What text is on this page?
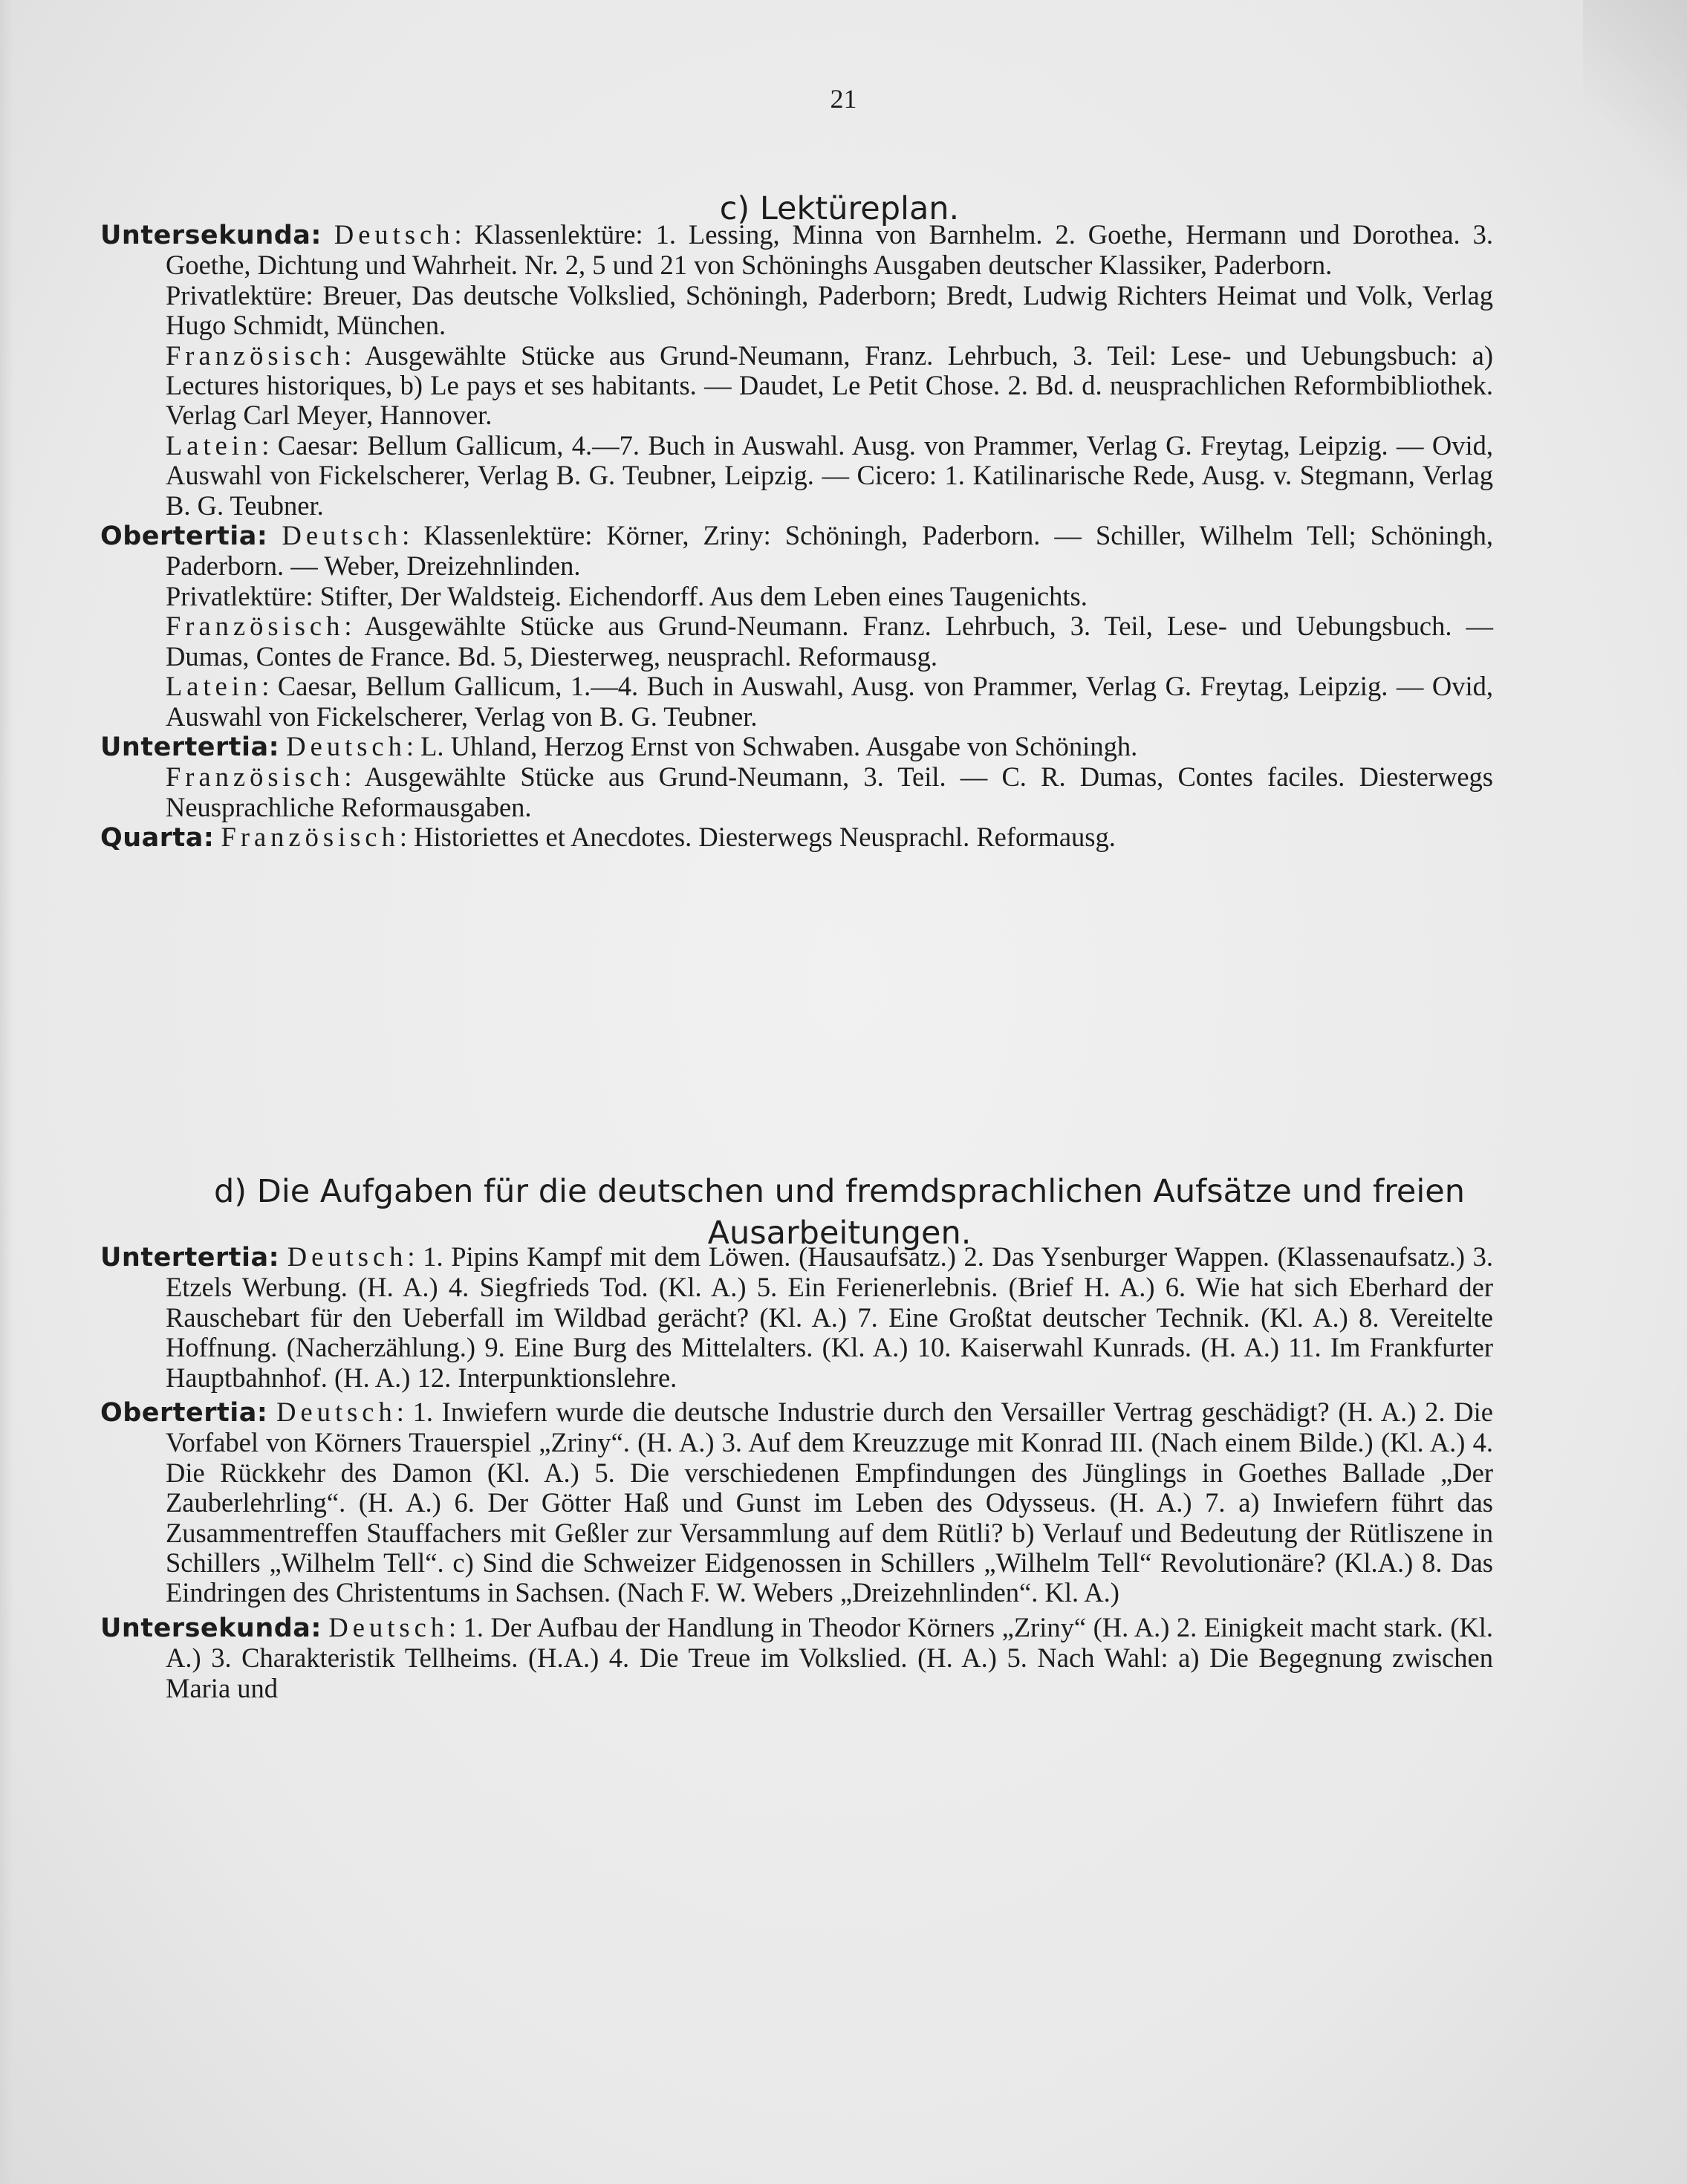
21
c) Lektüreplan.

Untersekunda: Deutsch: Klassenlektüre: 1. Lessing, Minna von Barnhelm. 2. Goethe, Hermann und Dorothea. 3. Goethe, Dichtung und Wahrheit. Nr. 2, 5 und 21 von Schöninghs Ausgaben deutscher Klassiker, Paderborn.

Privatlektüre: Breuer, Das deutsche Volkslied, Schöningh, Paderborn; Bredt, Ludwig Richters Heimat und Volk, Verlag Hugo Schmidt, München.

Französisch: Ausgewählte Stücke aus Grund-Neumann, Franz. Lehrbuch, 3. Teil: Lese- und Uebungsbuch: a) Lectures historiques, b) Le pays et ses habitants. — Daudet, Le Petit Chose. 2. Bd. d. neusprachlichen Reformbibliothek. Verlag Carl Meyer, Hannover.

Latein: Caesar: Bellum Gallicum, 4.—7. Buch in Auswahl. Ausg. von Prammer, Verlag G. Freytag, Leipzig. — Ovid, Auswahl von Fickelscherer, Verlag B. G. Teubner, Leipzig. — Cicero: 1. Katilinarische Rede, Ausg. v. Stegmann, Verlag B. G. Teubner.

Obertertia: Deutsch: Klassenlektüre: Körner, Zriny: Schöningh, Paderborn. — Schiller, Wilhelm Tell; Schöningh, Paderborn. — Weber, Dreizehnlinden.

Privatlektüre: Stifter, Der Waldsteig. Eichendorff. Aus dem Leben eines Taugenichts.

Französisch: Ausgewählte Stücke aus Grund-Neumann. Franz. Lehrbuch, 3. Teil, Lese- und Uebungsbuch. — Dumas, Contes de France. Bd. 5, Diesterweg, neusprachl. Reformausg.

Latein: Caesar, Bellum Gallicum, 1.—4. Buch in Auswahl, Ausg. von Prammer, Verlag G. Freytag, Leipzig. — Ovid, Auswahl von Fickelscherer, Verlag von B. G. Teubner.

Untertertia: Deutsch: L. Uhland, Herzog Ernst von Schwaben. Ausgabe von Schöningh.

Französisch: Ausgewählte Stücke aus Grund-Neumann, 3. Teil. — C. R. Dumas, Contes faciles. Diesterwegs Neusprachliche Reformausgaben.

Quarta: Französisch: Historiettes et Anecdotes. Diesterwegs Neusprachl. Reformausg.

d) Die Aufgaben für die deutschen und fremdsprachlichen Aufsätze und freien Ausarbeitungen.

Untertertia: Deutsch: 1. Pipins Kampf mit dem Löwen. (Hausaufsatz.) 2. Das Ysenburger Wappen. (Klassenaufsatz.) 3. Etzels Werbung. (H. A.) 4. Siegfrieds Tod. (Kl. A.) 5. Ein Ferienerlebnis. (Brief H. A.) 6. Wie hat sich Eberhard der Rauschebart für den Ueberfall im Wildbad gerächt? (Kl. A.) 7. Eine Großtat deutscher Technik. (Kl. A.) 8. Vereitelte Hoffnung. (Nacherzählung.) 9. Eine Burg des Mittelalters. (Kl. A.) 10. Kaiserwahl Kunrads. (H. A.) 11. Im Frankfurter Hauptbahnhof. (H. A.) 12. Interpunktionslehre.

Obertertia: Deutsch: 1. Inwiefern wurde die deutsche Industrie durch den Versailler Vertrag geschädigt? (H. A.) 2. Die Vorfabel von Körners Trauerspiel „Zriny“. (H. A.) 3. Auf dem Kreuzzuge mit Konrad III. (Nach einem Bilde.) (Kl. A.) 4. Die Rückkehr des Damon (Kl. A.) 5. Die verschiedenen Empfindungen des Jünglings in Goethes Ballade „Der Zauberlehrling“. (H. A.) 6. Der Götter Haß und Gunst im Leben des Odysseus. (H. A.) 7. a) Inwiefern führt das Zusammentreffen Stauffachers mit Geßler zur Versammlung auf dem Rütli? b) Verlauf und Bedeutung der Rütliszene in Schillers „Wilhelm Tell“. c) Sind die Schweizer Eidgenossen in Schillers „Wilhelm Tell“ Revolutionäre? (Kl.A.) 8. Das Eindringen des Christentums in Sachsen. (Nach F. W. Webers „Dreizehnlinden“. Kl. A.)

Untersekunda: Deutsch: 1. Der Aufbau der Handlung in Theodor Körners „Zriny“ (H. A.) 2. Einigkeit macht stark. (Kl. A.) 3. Charakteristik Tellheims. (H.A.) 4. Die Treue im Volkslied. (H. A.) 5. Nach Wahl: a) Die Begegnung zwischen Maria und
